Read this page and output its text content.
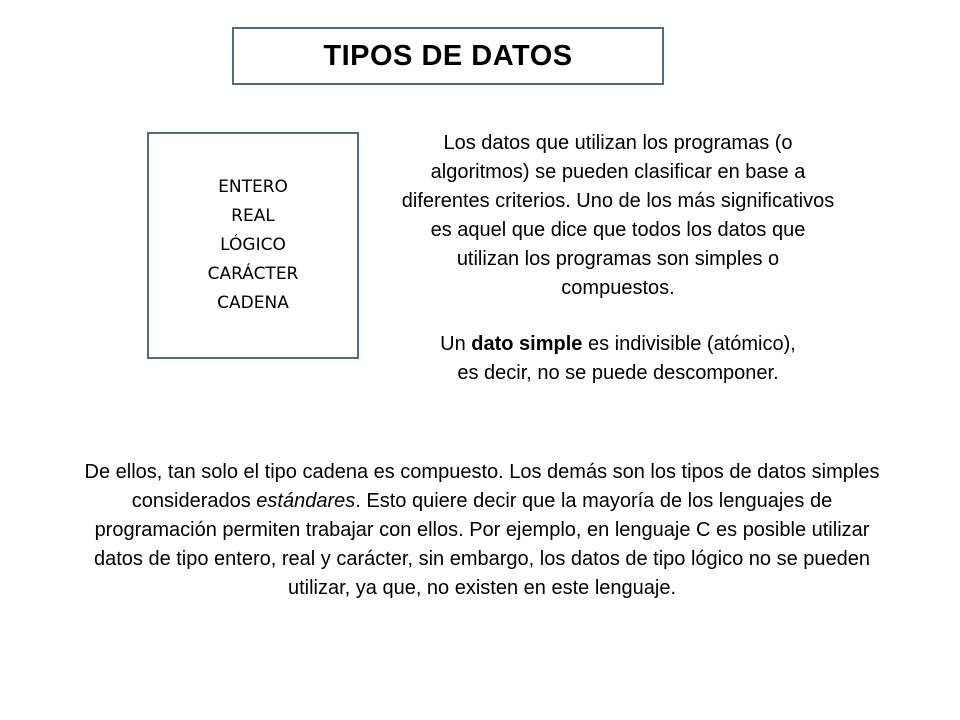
TIPOS DE DATOS
ENTERO
REAL
LÓGICO
CARÁCTER
CADENA

Los datos que utilizan los programas (o algoritmos) se pueden clasificar en base a diferentes criterios. Uno de los más significativos es aquel que dice que todos los datos que utilizan los programas son simples o compuestos.

Un dato simple es indivisible (atómico), es decir, no se puede descomponer.

De ellos, tan solo el tipo cadena es compuesto. Los demás son los tipos de datos simples considerados estándares. Esto quiere decir que la mayoría de los lenguajes de programación permiten trabajar con ellos. Por ejemplo, en lenguaje C es posible utilizar datos de tipo entero, real y carácter, sin embargo, los datos de tipo lógico no se pueden utilizar, ya que, no existen en este lenguaje.
